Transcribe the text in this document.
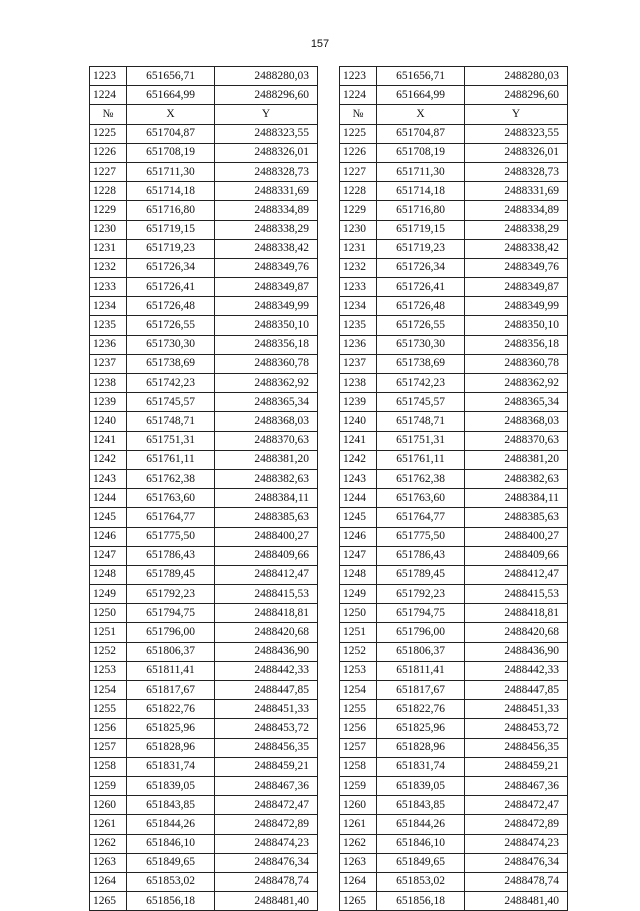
157
1223	651656,71	2488280,03
1224	651664,99	2488296,60
№	X	Y
1225	651704,87	2488323,55
1226	651708,19	2488326,01
1227	651711,30	2488328,73
1228	651714,18	2488331,69
1229	651716,80	2488334,89
1230	651719,15	2488338,29
1231	651719,23	2488338,42
1232	651726,34	2488349,76
1233	651726,41	2488349,87
1234	651726,48	2488349,99
1235	651726,55	2488350,10
1236	651730,30	2488356,18
1237	651738,69	2488360,78
1238	651742,23	2488362,92
1239	651745,57	2488365,34
1240	651748,71	2488368,03
1241	651751,31	2488370,63
1242	651761,11	2488381,20
1243	651762,38	2488382,63
1244	651763,60	2488384,11
1245	651764,77	2488385,63
1246	651775,50	2488400,27
1247	651786,43	2488409,66
1248	651789,45	2488412,47
1249	651792,23	2488415,53
1250	651794,75	2488418,81
1251	651796,00	2488420,68
1252	651806,37	2488436,90
1253	651811,41	2488442,33
1254	651817,67	2488447,85
1255	651822,76	2488451,33
1256	651825,96	2488453,72
1257	651828,96	2488456,35
1258	651831,74	2488459,21
1259	651839,05	2488467,36
1260	651843,85	2488472,47
1261	651844,26	2488472,89
1262	651846,10	2488474,23
1263	651849,65	2488476,34
1264	651853,02	2488478,74
1265	651856,18	2488481,40
1223	651656,71	2488280,03
1224	651664,99	2488296,60
№	X	Y
1225	651704,87	2488323,55
1226	651708,19	2488326,01
1227	651711,30	2488328,73
1228	651714,18	2488331,69
1229	651716,80	2488334,89
1230	651719,15	2488338,29
1231	651719,23	2488338,42
1232	651726,34	2488349,76
1233	651726,41	2488349,87
1234	651726,48	2488349,99
1235	651726,55	2488350,10
1236	651730,30	2488356,18
1237	651738,69	2488360,78
1238	651742,23	2488362,92
1239	651745,57	2488365,34
1240	651748,71	2488368,03
1241	651751,31	2488370,63
1242	651761,11	2488381,20
1243	651762,38	2488382,63
1244	651763,60	2488384,11
1245	651764,77	2488385,63
1246	651775,50	2488400,27
1247	651786,43	2488409,66
1248	651789,45	2488412,47
1249	651792,23	2488415,53
1250	651794,75	2488418,81
1251	651796,00	2488420,68
1252	651806,37	2488436,90
1253	651811,41	2488442,33
1254	651817,67	2488447,85
1255	651822,76	2488451,33
1256	651825,96	2488453,72
1257	651828,96	2488456,35
1258	651831,74	2488459,21
1259	651839,05	2488467,36
1260	651843,85	2488472,47
1261	651844,26	2488472,89
1262	651846,10	2488474,23
1263	651849,65	2488476,34
1264	651853,02	2488478,74
1265	651856,18	2488481,40
